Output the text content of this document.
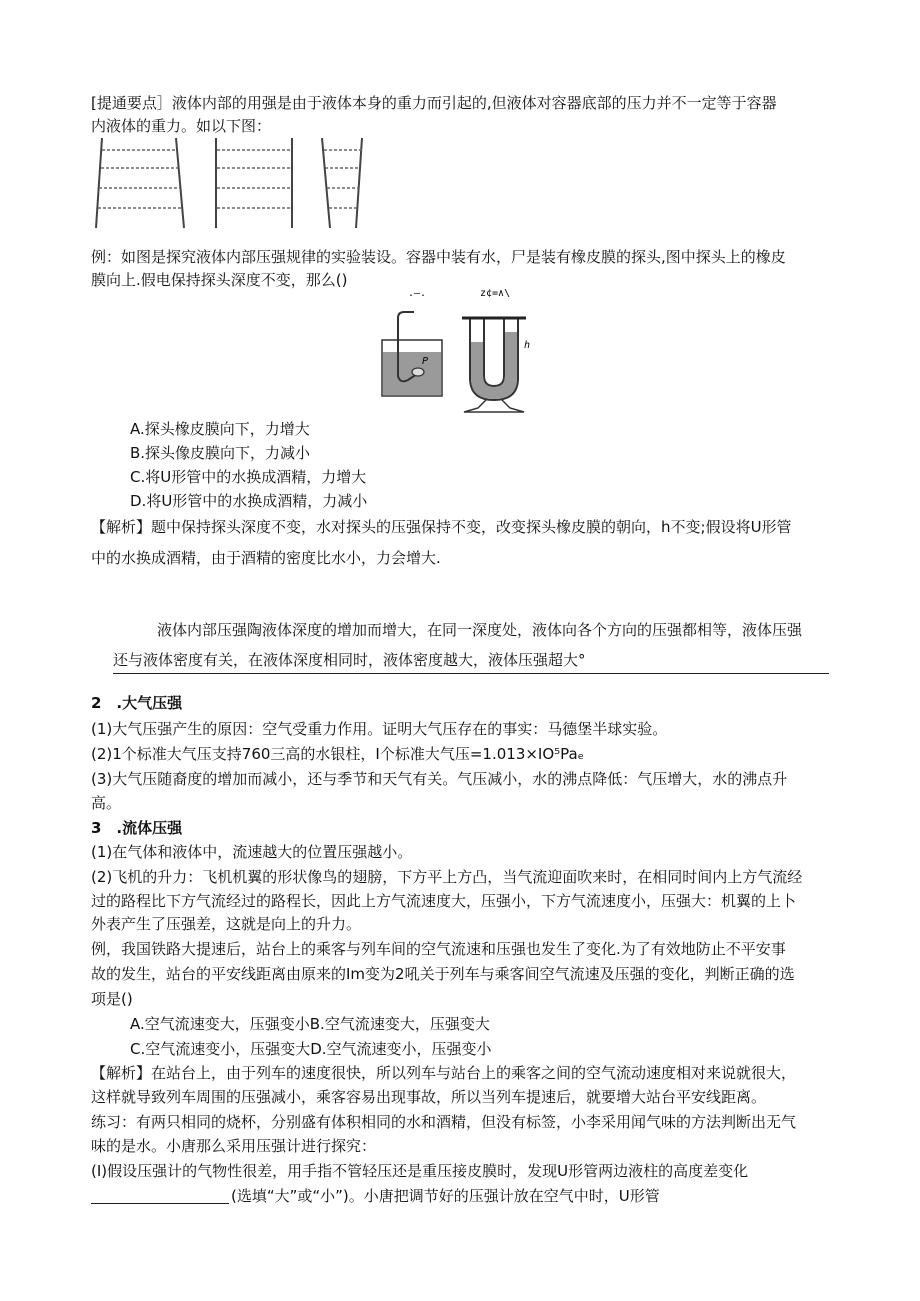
[提通要点］液体内部的用强是由于液体本身的重力而引起的,但液体对容器底部的压力并不一定等于容器
内液体的重力。如以下图：
例：如图是探究液体内部压强规律的实验装设。容器中装有水，尸是装有橡皮膜的探头,图中探头上的橡皮
膜向上.假电保持探头深度不变，那么()
.—.	z¢=∧\
P
h
A.探头橡皮膜向下，力增大
B.探头像皮膜向下，力减小
C.将U形管中的水换成酒精，力增大
D.将U形管中的水换成酒精，力减小
【解析】题中保持探头深度不变，水对探头的压强保持不变，改变探头橡皮膜的朝向，h不变;假设将U形管
中的水换成酒精，由于酒精的密度比水小，力会增大.
液体内部压强陶液体深度的增加而增大，在同一深度处，液体向各个方向的压强都相等，液体压强
还与液体密度有关，在液体深度相同时，液体密度越大，液体压强超大°
2　.大气压强
(1)大气压强产生的原因：空气受重力作用。证明大气压存在的事实：马德堡半球实验。
(2)1个标准大气压支持760三高的水银柱，I个标准大气压=1.013×IO⁵Paₑ
(3)大气压随裔度的增加而减小，还与季节和天气有关。气压减小，水的沸点降低：气压增大，水的沸点升
高。
3　.流体压强
(1)在气体和液体中，流速越大的位置压强越小。
(2)飞机的升力：飞机机翼的形状像鸟的翅膀，下方平上方凸，当气流迎面吹来时，在相同时间内上方气流经
过的路程比下方气流经过的路程长，因此上方气流速度大，压强小，下方气流速度小，压强大：机翼的上卜
外表产生了压强差，这就是向上的升力。
例，我国铁路大提速后，站台上的乘客与列车间的空气流速和压强也发生了变化.为了有效地防止不平安事
故的发生，站台的平安线距离由原来的Im变为2吼关于列车与乘客间空气流速及压强的变化，判断正确的选
项是()
A.空气流速变大，压强变小B.空气流速变大，压强变大
C.空气流速变小，压强变大D.空气流速变小，压强变小
【解析】在站台上，由于列车的速度很快，所以列车与站台上的乘客之间的空气流动速度相对来说就很大，
这样就导致列车周围的压强减小，乘客容易出现事故，所以当列车提速后，就要增大站台平安线距离。
练习：有两只相同的烧杯，分别盛有体积相同的水和酒精，但没有标签，小李采用闻气味的方法判断出无气
味的是水。小唐那么采用压强计进行探究：
(I)假设压强计的气物性很差，用手指不管轻压还是重压接皮膜时，发现U形管两边液柱的高度差变化
(选填“大”或“小”)。小唐把调节好的压强计放在空气中时，U形管
